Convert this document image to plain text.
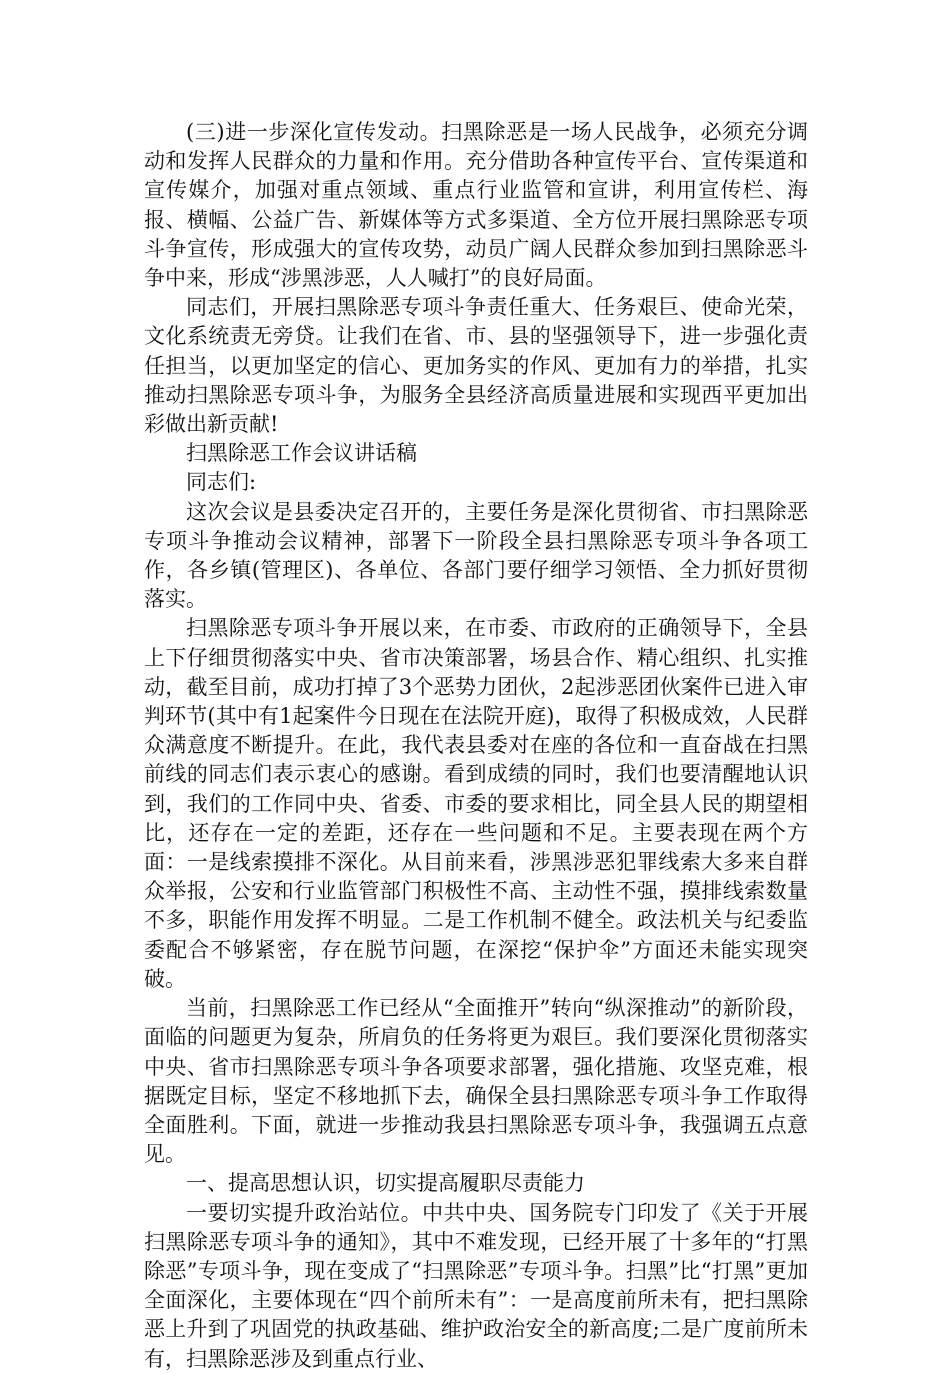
(三)进一步深化宣传发动。扫黑除恶是一场人民战争，必须充分调动和发挥人民群众的力量和作用。充分借助各种宣传平台、宣传渠道和宣传媒介，加强对重点领域、重点行业监管和宣讲，利用宣传栏、海报、横幅、公益广告、新媒体等方式多渠道、全方位开展扫黑除恶专项斗争宣传，形成强大的宣传攻势，动员广阔人民群众参加到扫黑除恶斗争中来，形成“涉黑涉恶，人人喊打”的良好局面。

同志们，开展扫黑除恶专项斗争责任重大、任务艰巨、使命光荣，文化系统责无旁贷。让我们在省、市、县的坚强领导下，进一步强化责任担当，以更加坚定的信心、更加务实的作风、更加有力的举措，扎实推动扫黑除恶专项斗争，为服务全县经济高质量进展和实现西平更加出彩做出新贡献!

扫黑除恶工作会议讲话稿

同志们:

这次会议是县委决定召开的，主要任务是深化贯彻省、市扫黑除恶专项斗争推动会议精神，部署下一阶段全县扫黑除恶专项斗争各项工作，各乡镇(管理区)、各单位、各部门要仔细学习领悟、全力抓好贯彻落实。

扫黑除恶专项斗争开展以来，在市委、市政府的正确领导下，全县上下仔细贯彻落实中央、省市决策部署，场县合作、精心组织、扎实推动，截至目前，成功打掉了3个恶势力团伙，2起涉恶团伙案件已进入审判环节(其中有1起案件今日现在在法院开庭)，取得了积极成效，人民群众满意度不断提升。在此，我代表县委对在座的各位和一直奋战在扫黑前线的同志们表示衷心的感谢。看到成绩的同时，我们也要清醒地认识到，我们的工作同中央、省委、市委的要求相比，同全县人民的期望相比，还存在一定的差距，还存在一些问题和不足。主要表现在两个方面：一是线索摸排不深化。从目前来看，涉黑涉恶犯罪线索大多来自群众举报，公安和行业监管部门积极性不高、主动性不强，摸排线索数量不多，职能作用发挥不明显。二是工作机制不健全。政法机关与纪委监委配合不够紧密，存在脱节问题，在深挖“保护伞”方面还未能实现突破。

当前，扫黑除恶工作已经从“全面推开”转向“纵深推动”的新阶段，面临的问题更为复杂，所肩负的任务将更为艰巨。我们要深化贯彻落实中央、省市扫黑除恶专项斗争各项要求部署，强化措施、攻坚克难，根据既定目标，坚定不移地抓下去，确保全县扫黑除恶专项斗争工作取得全面胜利。下面，就进一步推动我县扫黑除恶专项斗争，我强调五点意见。

一、提高思想认识，切实提高履职尽责能力

一要切实提升政治站位。中共中央、国务院专门印发了《关于开展扫黑除恶专项斗争的通知》，其中不难发现，已经开展了十多年的“打黑除恶”专项斗争，现在变成了“扫黑除恶”专项斗争。扫黑”比“打黑”更加全面深化，主要体现在“四个前所未有”：一是高度前所未有，把扫黑除恶上升到了巩固党的执政基础、维护政治安全的新高度;二是广度前所未有，扫黑除恶涉及到重点行业、
